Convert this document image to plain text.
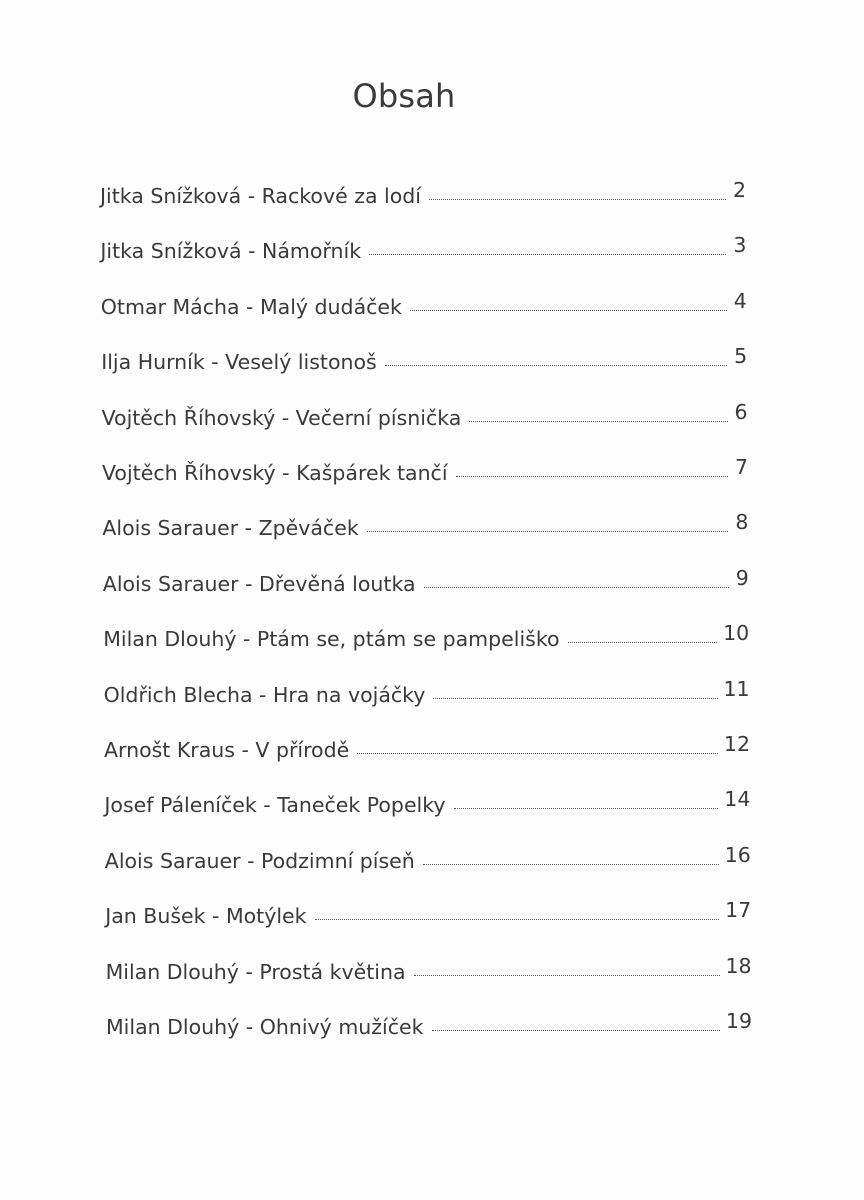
Obsah
Jitka Snížková - Rackové za lodí	2
Jitka Snížková - Námořník	3
Otmar Mácha - Malý dudáček	4
Ilja Hurník - Veselý listonoš	5
Vojtěch Říhovský - Večerní písnička	6
Vojtěch Říhovský - Kašpárek tančí	7
Alois Sarauer - Zpěváček	8
Alois Sarauer - Dřevěná loutka	9
Milan Dlouhý - Ptám se, ptám se pampeliško	10
Oldřich Blecha - Hra na vojáčky	11
Arnošt Kraus - V přírodě	12
Josef Páleníček - Taneček Popelky	14
Alois Sarauer - Podzimní píseň	16
Jan Bušek - Motýlek	17
Milan Dlouhý - Prostá květina	18
Milan Dlouhý - Ohnivý mužíček	19
